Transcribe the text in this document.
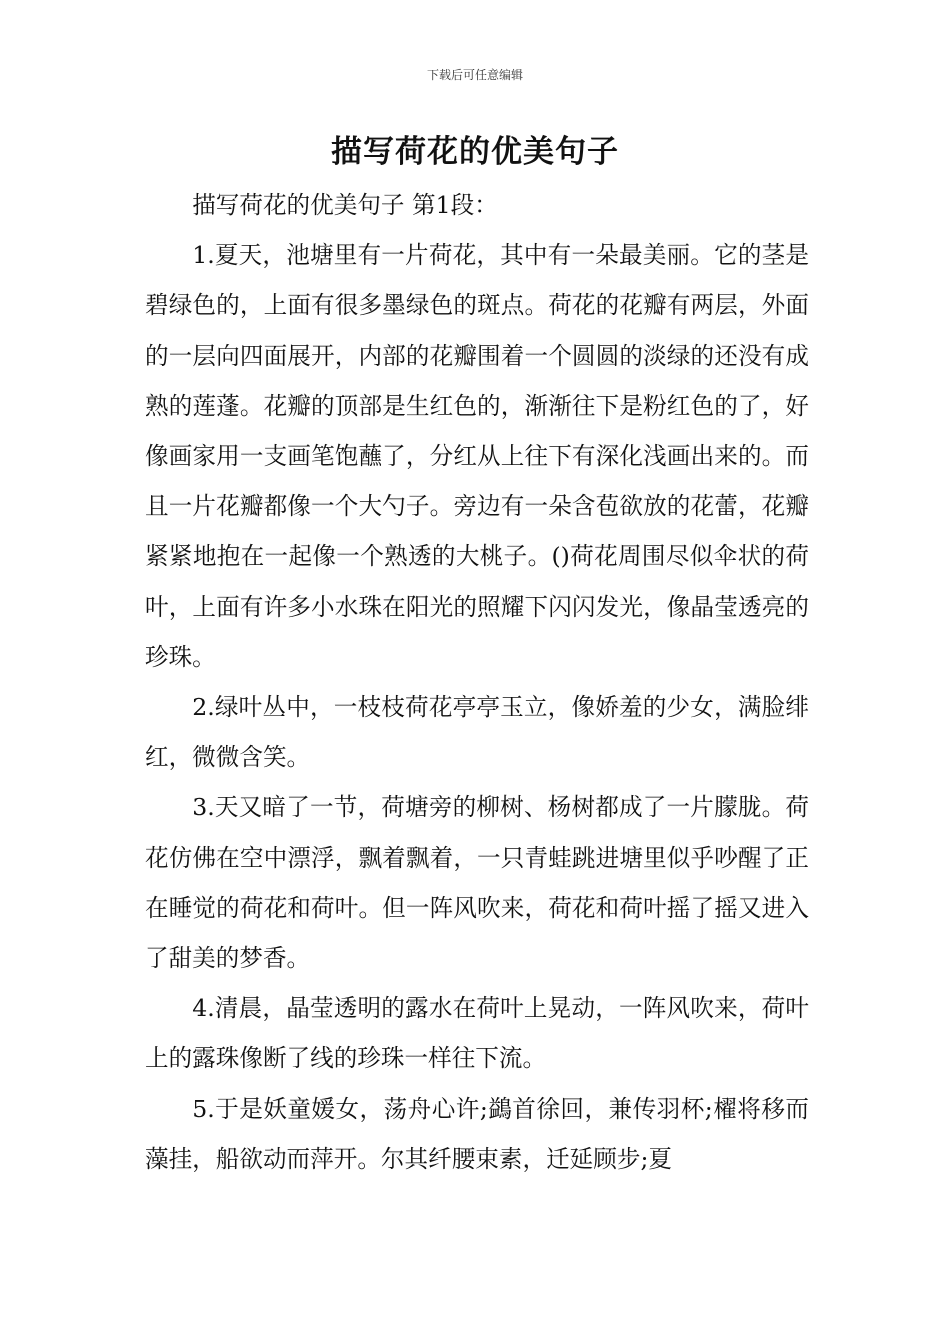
下载后可任意编辑
描写荷花的优美句子

描写荷花的优美句子 第1段：

1.夏天，池塘里有一片荷花，其中有一朵最美丽。它的茎是碧绿色的，上面有很多墨绿色的斑点。荷花的花瓣有两层，外面的一层向四面展开，内部的花瓣围着一个圆圆的淡绿的还没有成熟的莲蓬。花瓣的顶部是生红色的，渐渐往下是粉红色的了，好像画家用一支画笔饱蘸了，分红从上往下有深化浅画出来的。而且一片花瓣都像一个大勺子。旁边有一朵含苞欲放的花蕾，花瓣紧紧地抱在一起像一个熟透的大桃子。()荷花周围尽似伞状的荷叶，上面有许多小水珠在阳光的照耀下闪闪发光，像晶莹透亮的珍珠。

2.绿叶丛中，一枝枝荷花亭亭玉立，像娇羞的少女，满脸绯红，微微含笑。

3.天又暗了一节，荷塘旁的柳树、杨树都成了一片朦胧。荷花仿佛在空中漂浮，飘着飘着，一只青蛙跳进塘里似乎吵醒了正在睡觉的荷花和荷叶。但一阵风吹来，荷花和荷叶摇了摇又进入了甜美的梦香。

4.清晨，晶莹透明的露水在荷叶上晃动，一阵风吹来，荷叶上的露珠像断了线的珍珠一样往下流。

5.于是妖童媛女，荡舟心许;鷁首徐回，兼传羽杯;櫂将移而藻挂，船欲动而萍开。尔其纤腰束素，迁延顾步;夏
